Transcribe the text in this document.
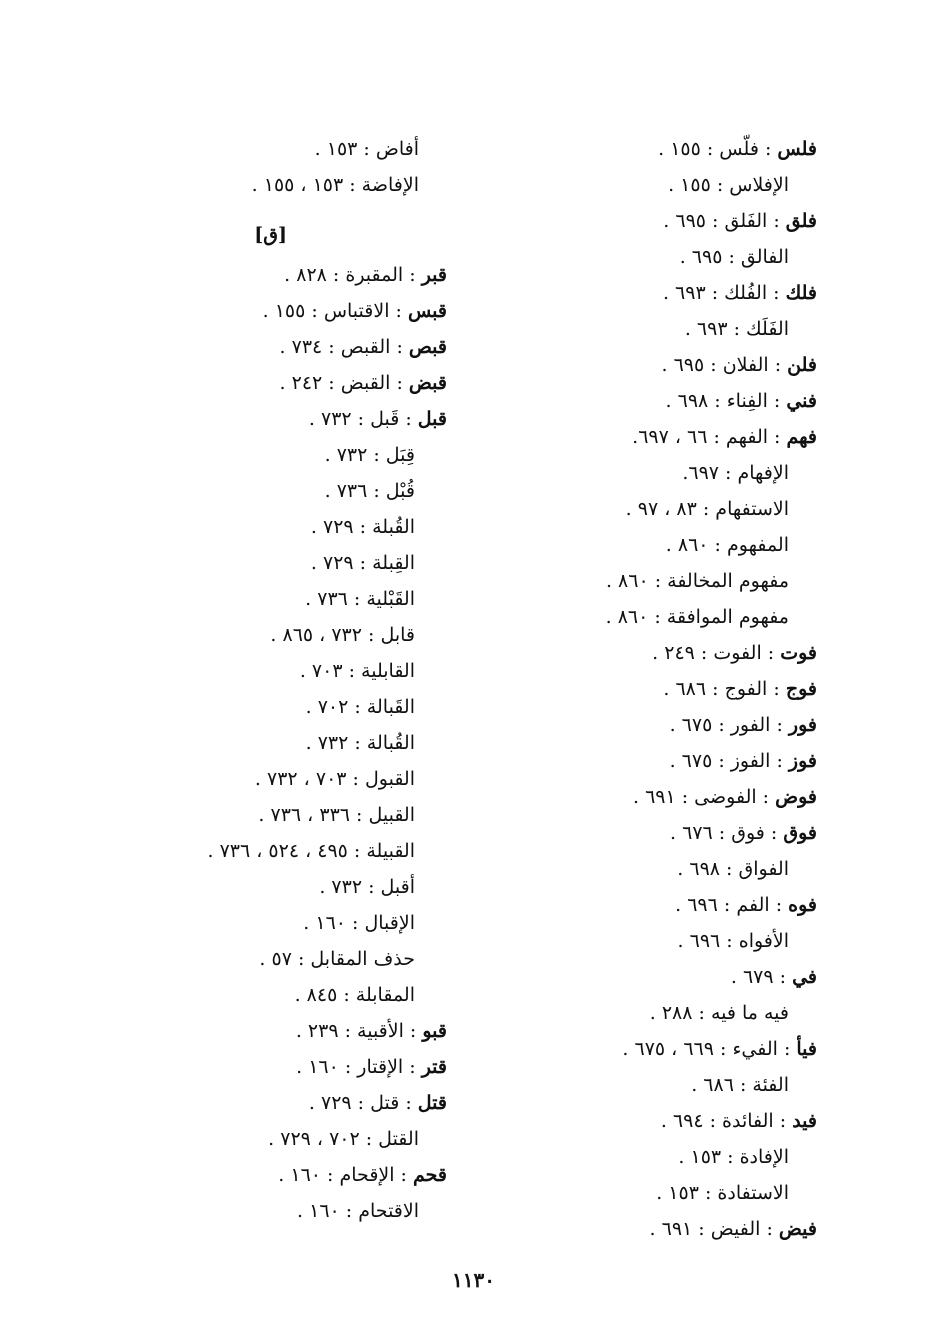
فلس : فلّس : ١٥٥ .
الإفلاس : ١٥٥ .
فلق : الفَلق : ٦٩٥ .
الفالق : ٦٩٥ .
فلك : الفُلك : ٦٩٣ .
الفَلَك : ٦٩٣ .
فلن : الفلان : ٦٩٥ .
فني : الفِناء : ٦٩٨ .
فهم : الفهم : ٦٦ ، ٦٩٧.
الإفهام : ٦٩٧.
الاستفهام : ٨٣ ، ٩٧ .
المفهوم : ٨٦٠ .
مفهوم المخالفة : ٨٦٠ .
مفهوم الموافقة : ٨٦٠ .
فوت : الفوت : ٢٤٩ .
فوج : الفوج : ٦٨٦ .
فور : الفور : ٦٧٥ .
فوز : الفوز : ٦٧٥ .
فوض : الفوضى : ٦٩١ .
فوق : فوق : ٦٧٦ .
الفواق : ٦٩٨ .
فوه : الفم : ٦٩٦ .
الأفواه : ٦٩٦ .
في : ٦٧٩ .
فيه ما فيه : ٢٨٨ .
فيأ : الفيء : ٦٦٩ ، ٦٧٥ .
الفئة : ٦٨٦ .
فيد : الفائدة : ٦٩٤ .
الإفادة : ١٥٣ .
الاستفادة : ١٥٣ .
فيض : الفيض : ٦٩١ .
أفاض : ١٥٣ .
الإفاضة : ١٥٣ ، ١٥٥ .
[ق]
قبر : المقبرة : ٨٢٨ .
قبس : الاقتباس : ١٥٥ .
قبص : القبص : ٧٣٤ .
قبض : القبض : ٢٤٢ .
قبل : قَبل : ٧٣٢ .
قِبَل : ٧٣٢ .
قُبْل : ٧٣٦ .
القُبلة : ٧٢٩ .
القِبلة : ٧٢٩ .
القَبْلية : ٧٣٦ .
قابل : ٧٣٢ ، ٨٦٥ .
القابلية : ٧٠٣ .
القَبالة : ٧٠٢ .
القُبالة : ٧٣٢ .
القبول : ٧٠٣ ، ٧٣٢ .
القبيل : ٣٣٦ ، ٧٣٦ .
القبيلة : ٤٩٥ ، ٥٢٤ ، ٧٣٦ .
أقبل : ٧٣٢ .
الإقبال : ١٦٠ .
حذف المقابل : ٥٧ .
المقابلة : ٨٤٥ .
قبو : الأقبية : ٢٣٩ .
قتر : الإقتار : ١٦٠ .
قتل : قتل : ٧٢٩ .
القتل : ٧٠٢ ، ٧٢٩ .
قحم : الإقحام : ١٦٠ .
الاقتحام : ١٦٠ .
١١٣٠
